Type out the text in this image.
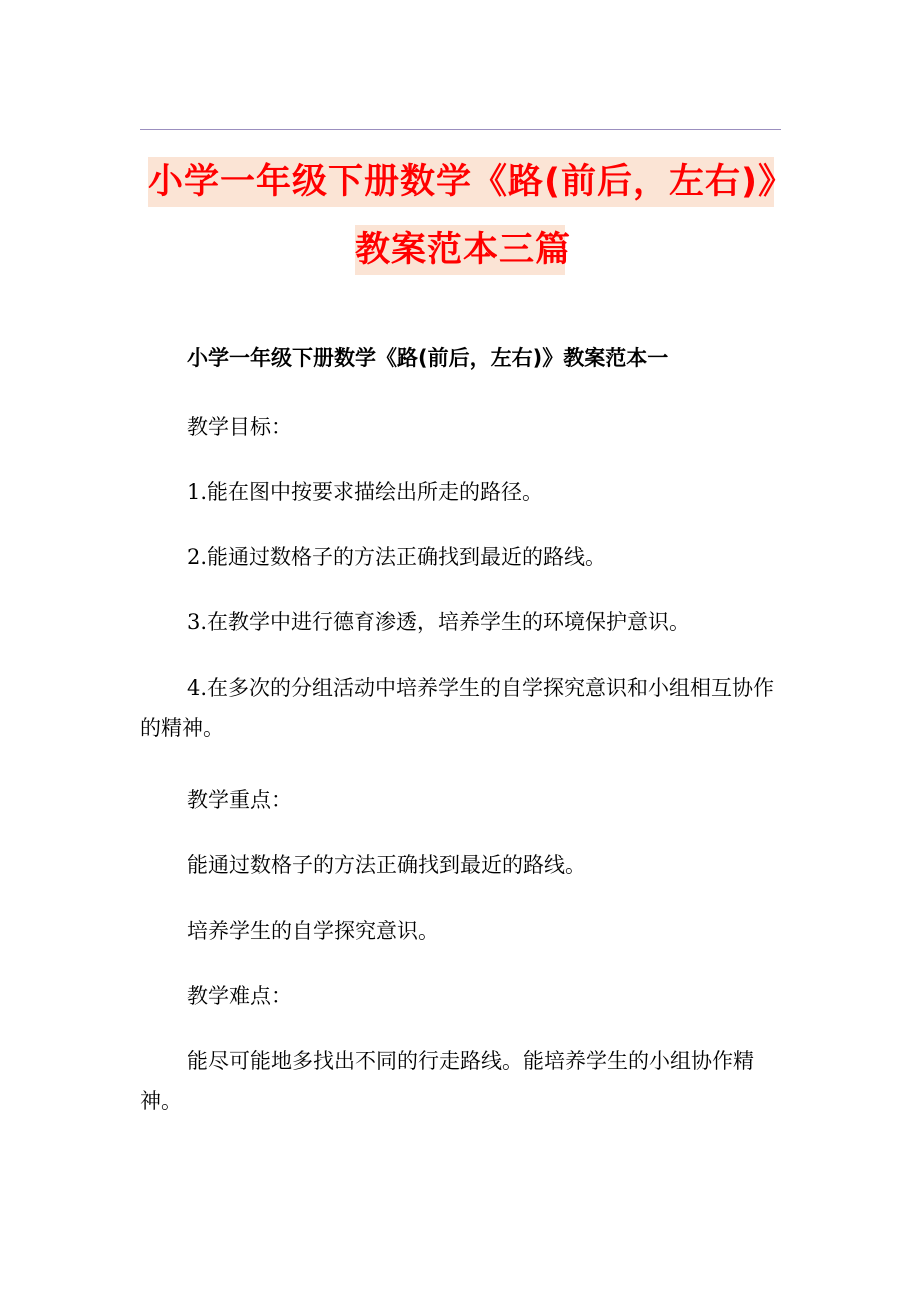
小学一年级下册数学《路(前后，左右)》
教案范本三篇
小学一年级下册数学《路(前后，左右)》教案范本一
教学目标：
1.能在图中按要求描绘出所走的路径。
2.能通过数格子的方法正确找到最近的路线。
3.在教学中进行德育渗透，培养学生的环境保护意识。
4.在多次的分组活动中培养学生的自学探究意识和小组相互协作的精神。
教学重点：
能通过数格子的方法正确找到最近的路线。
培养学生的自学探究意识。
教学难点：
能尽可能地多找出不同的行走路线。能培养学生的小组协作精神。
